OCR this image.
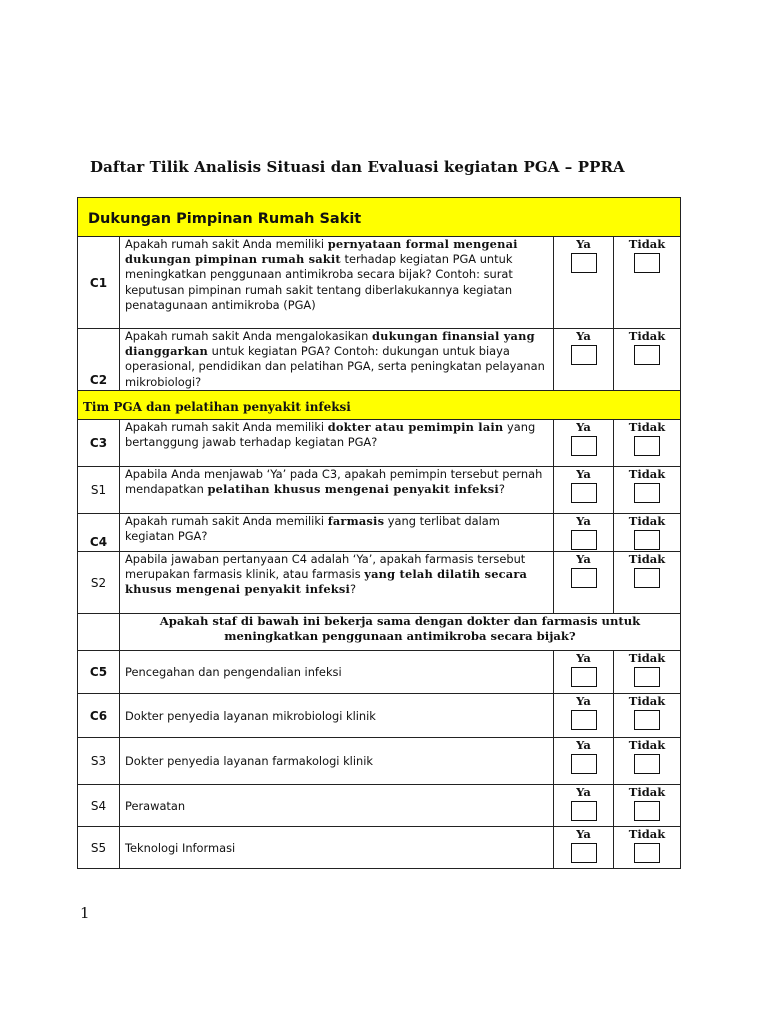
Daftar Tilik Analisis Situasi dan Evaluasi kegiatan PGA – PPRA
Dukungan Pimpinan Rumah Sakit			
C1	Apakah rumah sakit Anda memiliki pernyataan formal mengenai dukungan pimpinan rumah sakit terhadap kegiatan PGA untuk meningkatkan penggunaan antimikroba secara bijak? Contoh: surat keputusan pimpinan rumah sakit tentang diberlakukannya kegiatan penatagunaan antimikroba (PGA)	Ya	Tidak

C2	Apakah rumah sakit Anda mengalokasikan dukungan finansial yang dianggarkan untuk kegiatan PGA? Contoh: dukungan untuk biaya operasional, pendidikan dan pelatihan PGA, serta peningkatan pelayanan mikrobiologi?	Ya	Tidak

Tim PGA dan pelatihan penyakit infeksi			
C3	Apakah rumah sakit Anda memiliki dokter atau pemimpin lain yang bertanggung jawab terhadap kegiatan PGA?	Ya	Tidak

S1	Apabila Anda menjawab ‘Ya’ pada C3, apakah pemimpin tersebut pernah mendapatkan pelatihan khusus mengenai penyakit infeksi?	Ya	Tidak

C4	Apakah rumah sakit Anda memiliki farmasis yang terlibat dalam kegiatan PGA?	Ya	Tidak

S2	Apabila jawaban pertanyaan C4 adalah ‘Ya’, apakah farmasis tersebut merupakan farmasis klinik, atau farmasis yang telah dilatih secara khusus mengenai penyakit infeksi?	Ya	Tidak

	Apakah staf di bawah ini bekerja sama dengan dokter dan farmasis untuk meningkatkan penggunaan antimikroba secara bijak?		
C5	Pencegahan dan pengendalian infeksi	Ya	Tidak

C6	Dokter penyedia layanan mikrobiologi klinik	Ya	Tidak

S3	Dokter penyedia layanan farmakologi klinik	Ya	Tidak

S4	Perawatan	Ya	Tidak

S5	Teknologi Informasi	Ya	Tidak
1
